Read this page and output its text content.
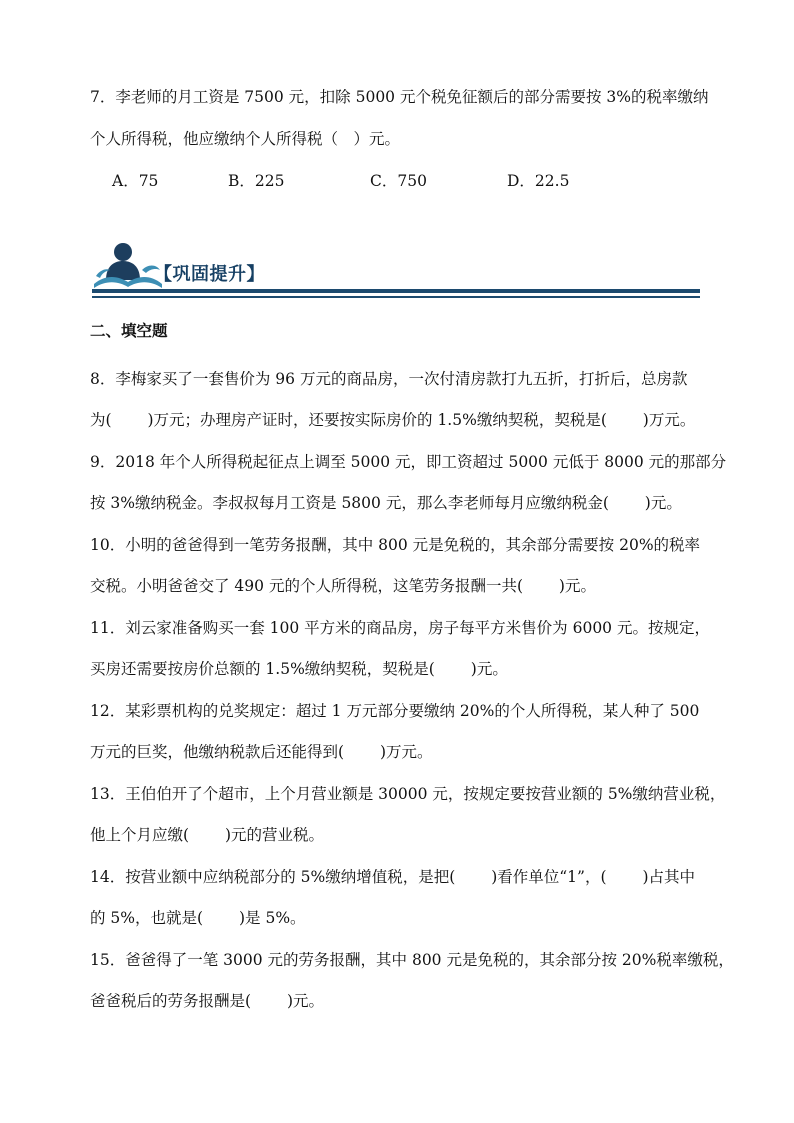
7．李老师的月工资是 7500 元，扣除 5000 元个税免征额后的部分需要按 3%的税率缴纳
个人所得税，他应缴纳个人所得税（　）元。
A．75	B．225	C．750	D．22.5
【巩固提升】
二、填空题
8．李梅家买了一套售价为 96 万元的商品房，一次付清房款打九五折，打折后，总房款
为(　　 )万元；办理房产证时，还要按实际房价的 1.5%缴纳契税，契税是(　　 )万元。
9．2018 年个人所得税起征点上调至 5000 元，即工资超过 5000 元低于 8000 元的那部分
按 3%缴纳税金。李叔叔每月工资是 5800 元，那么李老师每月应缴纳税金(　　 )元。
10．小明的爸爸得到一笔劳务报酬，其中 800 元是免税的，其余部分需要按 20%的税率
交税。小明爸爸交了 490 元的个人所得税，这笔劳务报酬一共(　　 )元。
11．刘云家准备购买一套 100 平方米的商品房，房子每平方米售价为 6000 元。按规定，
买房还需要按房价总额的 1.5%缴纳契税，契税是(　　 )元。
12．某彩票机构的兑奖规定：超过 1 万元部分要缴纳 20%的个人所得税，某人种了 500
万元的巨奖，他缴纳税款后还能得到(　　 )万元。
13．王伯伯开了个超市，上个月营业额是 30000 元，按规定要按营业额的 5%缴纳营业税，
他上个月应缴(　　 )元的营业税。
14．按营业额中应纳税部分的 5%缴纳增值税，是把(　　 )看作单位“1”，(　　 )占其中
的 5%，也就是(　　 )是 5%。
15．爸爸得了一笔 3000 元的劳务报酬，其中 800 元是免税的，其余部分按 20%税率缴税，
爸爸税后的劳务报酬是(　　 )元。
